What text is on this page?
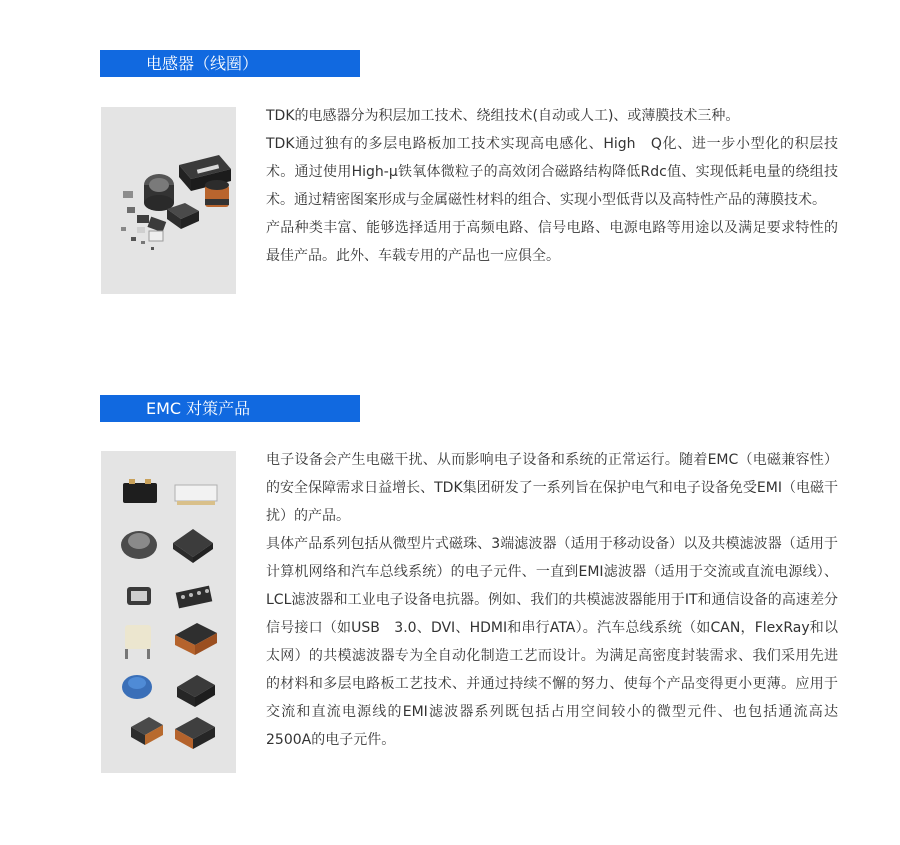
电感器（线圈）

TDK的电感器分为积层加工技术、绕组技术(自动或人工)、或薄膜技术三种。

TDK通过独有的多层电路板加工技术实现高电感化、High　Q化、进一步小型化的积层技术。通过使用High-μ铁氧体微粒子的高效闭合磁路结构降低Rdc值、实现低耗电量的绕组技术。通过精密图案形成与金属磁性材料的组合、实现小型低背以及高特性产品的薄膜技术。

产品种类丰富、能够选择适用于高频电路、信号电路、电源电路等用途以及满足要求特性的最佳产品。此外、车载专用的产品也一应俱全。

EMC 对策产品

电子设备会产生电磁干扰、从而影响电子设备和系统的正常运行。随着EMC（电磁兼容性）的安全保障需求日益增长、TDK集团研发了一系列旨在保护电气和电子设备免受EMI（电磁干扰）的产品。

具体产品系列包括从微型片式磁珠、3端滤波器（适用于移动设备）以及共模滤波器（适用于计算机网络和汽车总线系统）的电子元件、一直到EMI滤波器（适用于交流或直流电源线）、LCL滤波器和工业电子设备电抗器。例如、我们的共模滤波器能用于IT和通信设备的高速差分信号接口（如USB　3.0、DVI、HDMI和串行ATA）。汽车总线系统（如CAN，FlexRay和以太网）的共模滤波器专为全自动化制造工艺而设计。为满足高密度封装需求、我们采用先进的材料和多层电路板工艺技术、并通过持续不懈的努力、使每个产品变得更小更薄。应用于交流和直流电源线的EMI滤波器系列既包括占用空间较小的微型元件、也包括通流高达2500A的电子元件。
